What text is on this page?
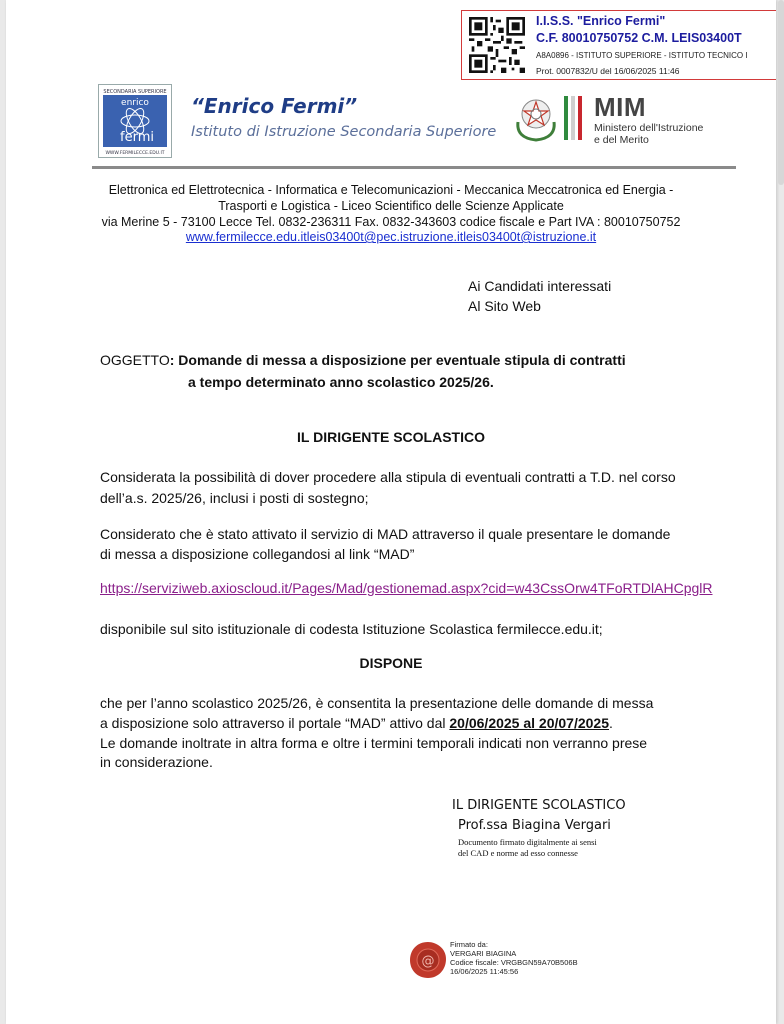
I.I.S.S. "Enrico Fermi"
C.F. 80010750752 C.M. LEIS03400T
A8A0896 - ISTITUTO SUPERIORE - ISTITUTO TECNICO I
Prot. 0007832/U del 16/06/2025 11:46
SECONDARIA SUPERIORE
enrico
fermi
WWW.FERMILECCE.EDU.IT
“Enrico Fermi”
Istituto di Istruzione Secondaria Superiore
MIM
Ministero dell'Istruzione
e del Merito
Elettronica ed Elettrotecnica - Informatica e Telecomunicazioni - Meccanica Meccatronica ed Energia -
Trasporti e Logistica - Liceo Scientifico delle Scienze Applicate
via Merine 5 - 73100 Lecce Tel. 0832-236311 Fax. 0832-343603 codice fiscale e Part IVA : 80010750752
www.fermilecce.edu.itleis03400t@pec.istruzione.itleis03400t@istruzione.it
Ai Candidati interessati
Al Sito Web
OGGETTO: Domande di messa a disposizione per eventuale stipula di contratti
a tempo determinato anno scolastico 2025/26.
IL DIRIGENTE SCOLASTICO
Considerata la possibilità di dover procedere alla stipula di eventuali contratti a T.D. nel corso
dell’a.s. 2025/26, inclusi i posti di sostegno;
Considerato che è stato attivato il servizio di MAD attraverso il quale presentare le domande
di messa a disposizione collegandosi al link “MAD”
https://serviziweb.axioscloud.it/Pages/Mad/gestionemad.aspx?cid=w43CssOrw4TFoRTDlAHCpglR
disponibile sul sito istituzionale di codesta Istituzione Scolastica fermilecce.edu.it;
DISPONE
che per l’anno scolastico 2025/26, è consentita la presentazione delle domande di messa
a disposizione solo attraverso il portale “MAD” attivo dal 20/06/2025 al 20/07/2025.
Le domande inoltrate in altra forma e oltre i termini temporali indicati non verranno prese
in considerazione.
IL DIRIGENTE SCOLASTICO
Prof.ssa Biagina Vergari
Documento firmato digitalmente ai sensi
del CAD e norme ad esso connesse
@
Firmato da:
VERGARI BIAGINA
Codice fiscale: VRGBGN59A70B506B
16/06/2025 11:45:56
